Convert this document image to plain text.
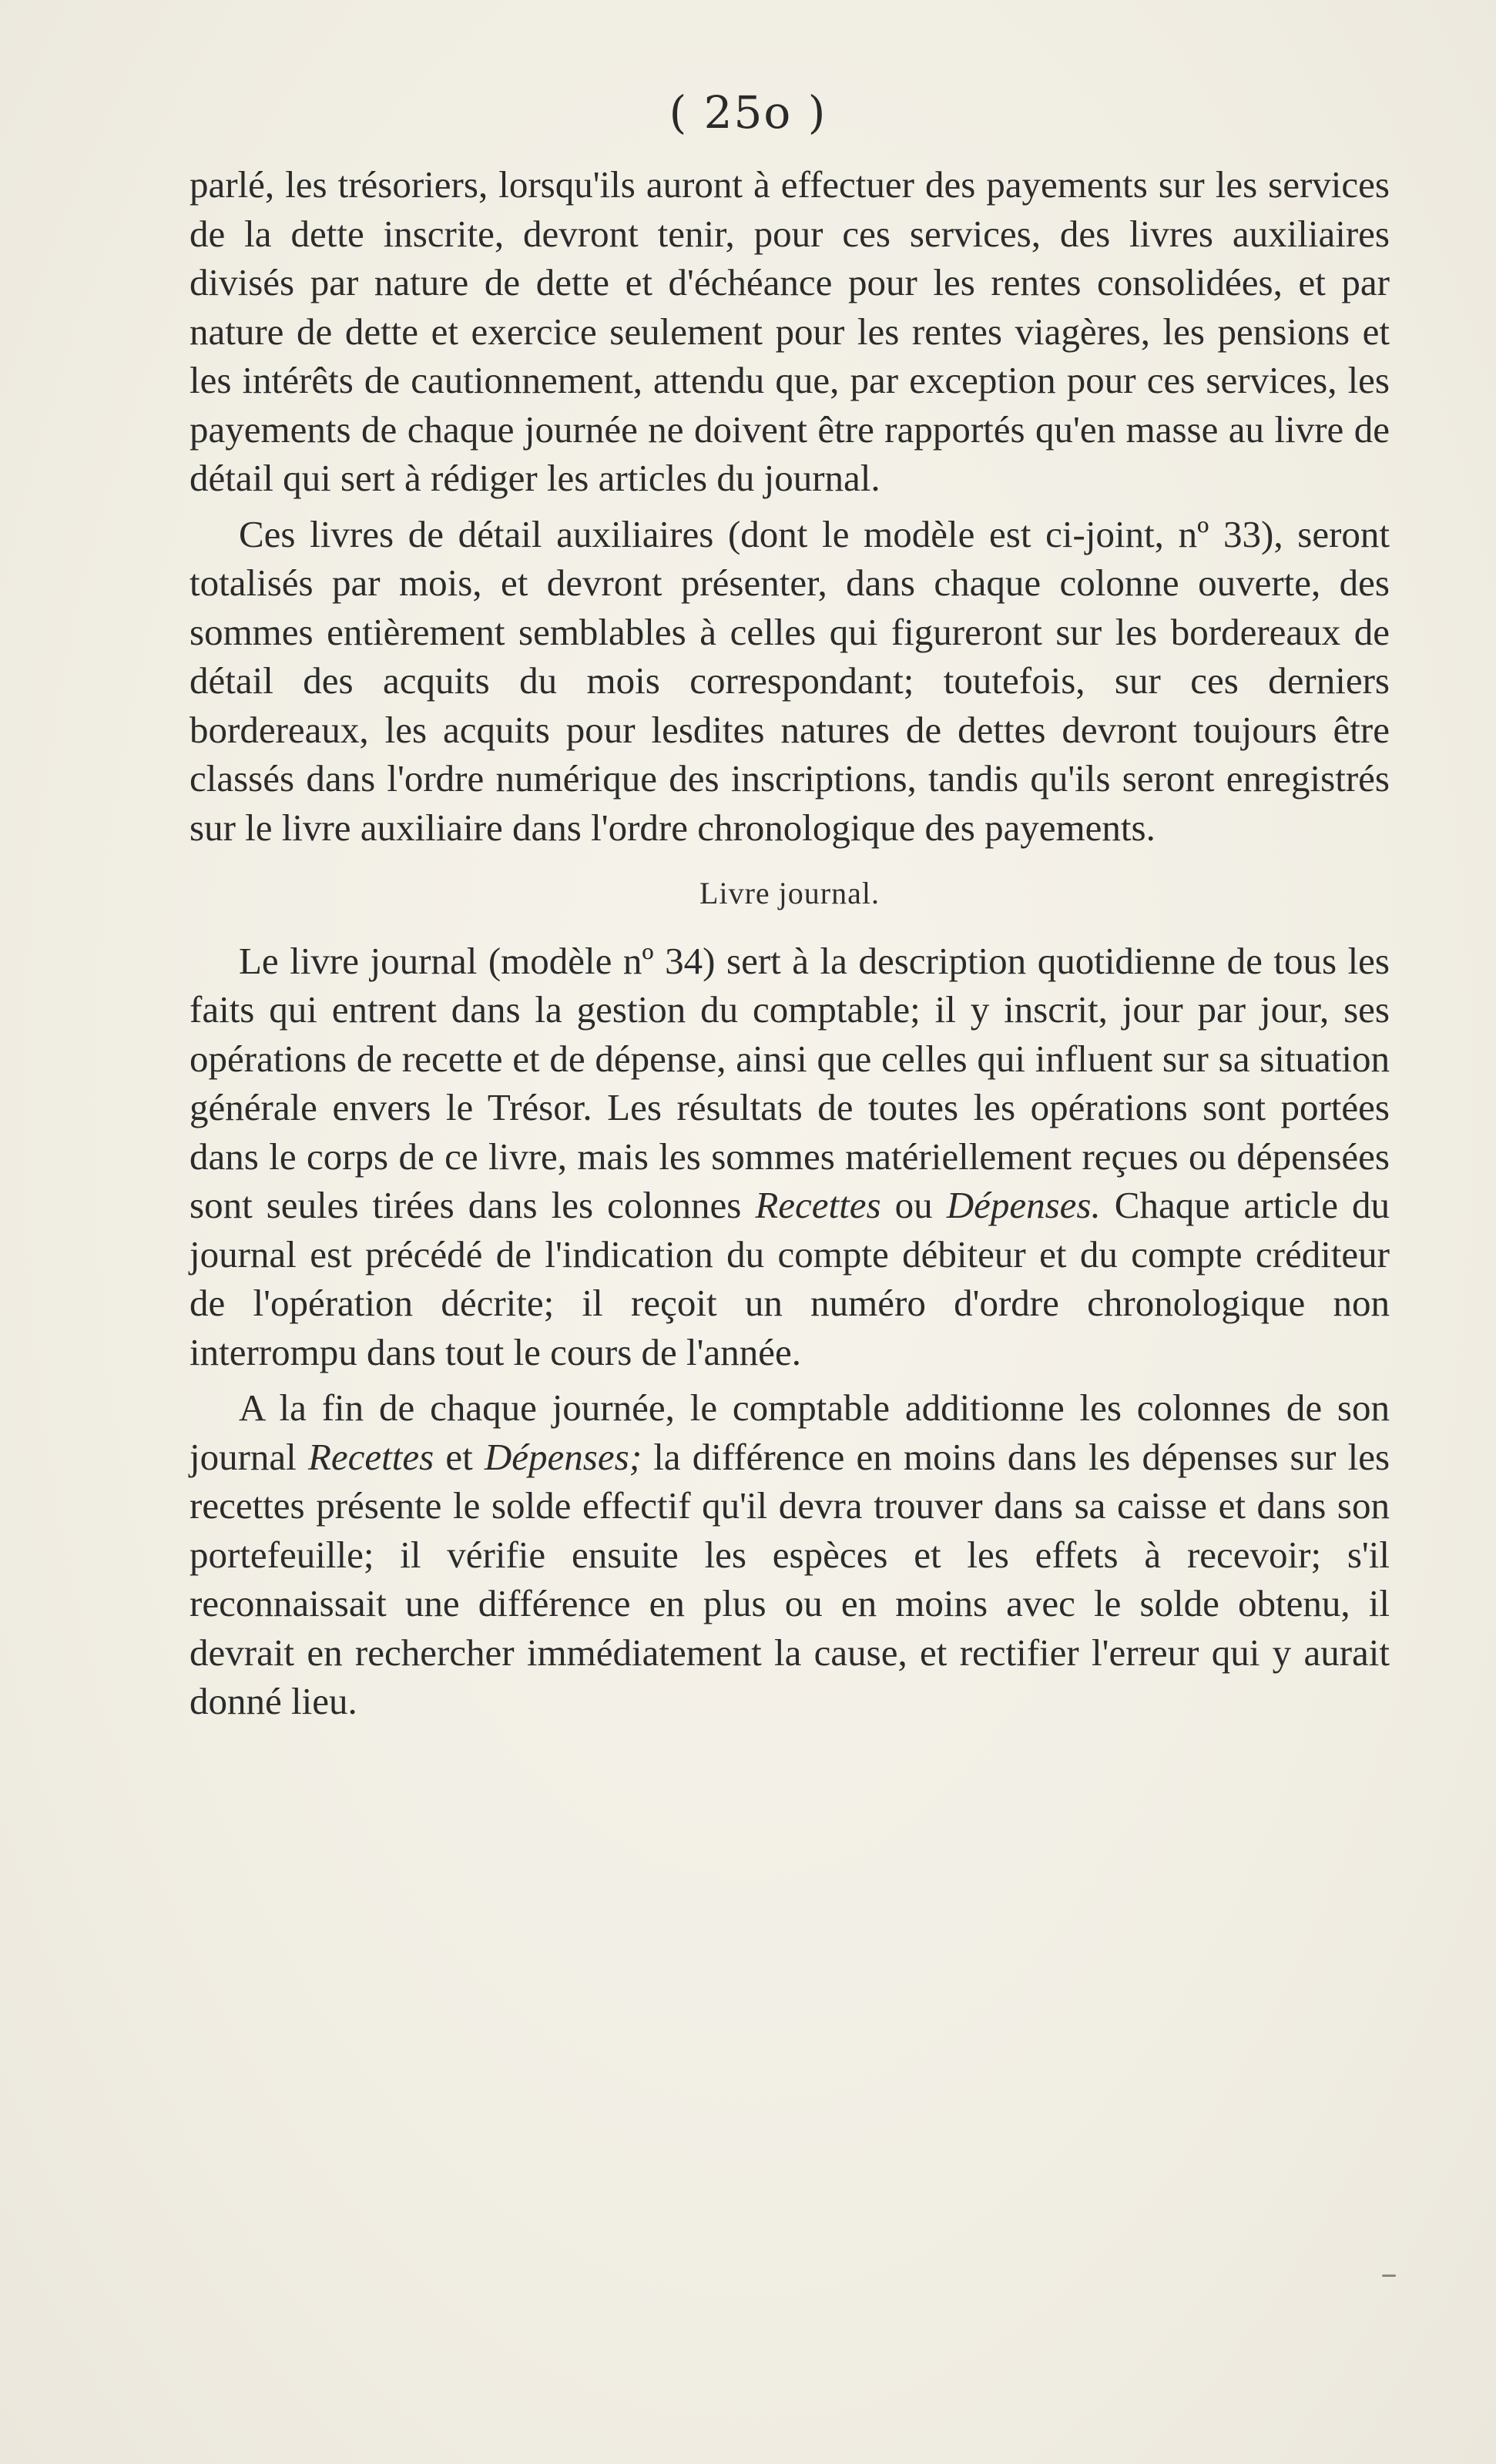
( 25o )

parlé, les trésoriers, lorsqu'ils auront à effectuer des payements sur les services de la dette inscrite, devront tenir, pour ces services, des livres auxiliaires divisés par nature de dette et d'échéance pour les rentes consolidées, et par nature de dette et exercice seulement pour les rentes viagères, les pensions et les intérêts de cautionnement, attendu que, par exception pour ces services, les payements de chaque journée ne doivent être rapportés qu'en masse au livre de détail qui sert à rédiger les articles du journal.

Ces livres de détail auxiliaires (dont le modèle est ci-joint, nº 33), seront totalisés par mois, et devront présenter, dans chaque colonne ouverte, des sommes entièrement semblables à celles qui figureront sur les bordereaux de détail des acquits du mois correspondant; toutefois, sur ces derniers bordereaux, les acquits pour lesdites natures de dettes devront toujours être classés dans l'ordre numérique des inscriptions, tandis qu'ils seront enregistrés sur le livre auxiliaire dans l'ordre chronologique des payements.

Livre journal.

Le livre journal (modèle nº 34) sert à la description quotidienne de tous les faits qui entrent dans la gestion du comptable; il y inscrit, jour par jour, ses opérations de recette et de dépense, ainsi que celles qui influent sur sa situation générale envers le Trésor. Les résultats de toutes les opérations sont portées dans le corps de ce livre, mais les sommes matériellement reçues ou dépensées sont seules tirées dans les colonnes Recettes ou Dépenses. Chaque article du journal est précédé de l'indication du compte débiteur et du compte créditeur de l'opération décrite; il reçoit un numéro d'ordre chronologique non interrompu dans tout le cours de l'année.

A la fin de chaque journée, le comptable additionne les colonnes de son journal Recettes et Dépenses; la différence en moins dans les dépenses sur les recettes présente le solde effectif qu'il devra trouver dans sa caisse et dans son portefeuille; il vérifie ensuite les espèces et les effets à recevoir; s'il reconnaissait une différence en plus ou en moins avec le solde obtenu, il devrait en rechercher immédiatement la cause, et rectifier l'erreur qui y aurait donné lieu.
